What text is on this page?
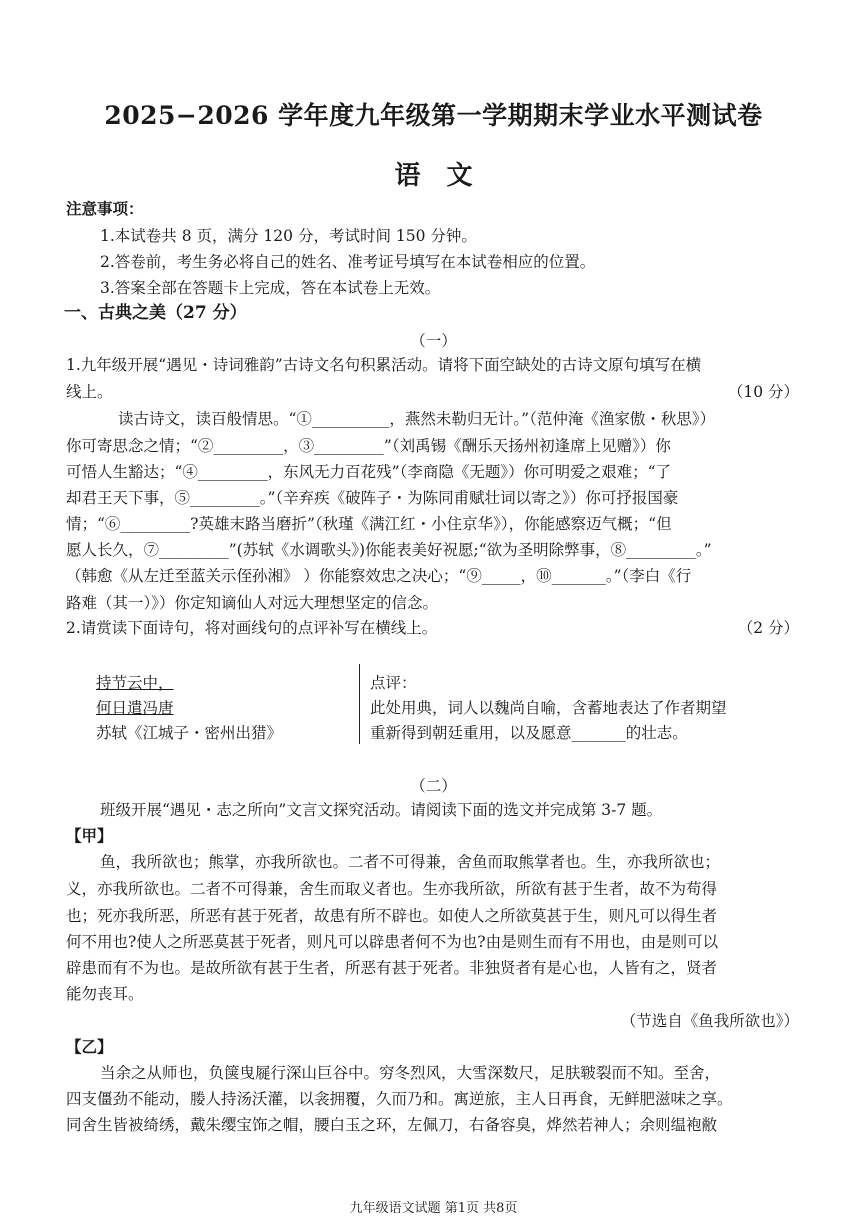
2025−2026 学年度九年级第一学期期末学业水平测试卷
语文
注意事项：
1.本试卷共 8 页，满分 120 分，考试时间 150 分钟。
2.答卷前，考生务必将自己的姓名、准考证号填写在本试卷相应的位置。
3.答案全部在答题卡上完成，答在本试卷上无效。
一、古典之美（27 分）
（一）
1.九年级开展“遇见・诗词雅韵”古诗文名句积累活动。请将下面空缺处的古诗文原句填写在横
线上。	（10 分）
读古诗文，读百般情思。“①__________，燕然未勒归无计。”（范仲淹《渔家傲・秋思》）
你可寄思念之情；“②_________，③_________”（刘禹锡《酬乐天扬州初逢席上见赠》）你
可悟人生豁达；“④_________，东风无力百花残”（李商隐《无题》）你可明爱之艰难；“了
却君王天下事，⑤_________。”（辛弃疾《破阵子・为陈同甫赋壮词以寄之》）你可抒报国豪
情；“⑥_________?英雄末路当磨折”（秋瑾《满江红・小住京华》），你能感察迈气概；“但
愿人长久，⑦_________”(苏轼《水调歌头》)你能表美好祝愿;“欲为圣明除弊事，⑧_________。”
（韩愈《从左迁至蓝关示侄孙湘》 ）你能察效忠之决心；“⑨_____，⑩_______。”（李白《行
路难（其一）》）你定知谪仙人对远大理想坚定的信念。
2.请赏读下面诗句，将对画线句的点评补写在横线上。	（2 分）
持节云中，
何日遣冯唐
苏轼《江城子・密州出猎》
点评：
此处用典，词人以魏尚自喻，含蓄地表达了作者期望
重新得到朝廷重用，以及愿意_______的壮志。
（二）
班级开展“遇见・志之所向”文言文探究活动。请阅读下面的选文并完成第 3-7 题。
【甲】
鱼，我所欲也；熊掌，亦我所欲也。二者不可得兼，舍鱼而取熊掌者也。生，亦我所欲也；
义，亦我所欲也。二者不可得兼，舍生而取义者也。生亦我所欲，所欲有甚于生者，故不为苟得
也；死亦我所恶，所恶有甚于死者，故患有所不辟也。如使人之所欲莫甚于生，则凡可以得生者
何不用也?使人之所恶莫甚于死者，则凡可以辟患者何不为也?由是则生而有不用也，由是则可以
辟患而有不为也。是故所欲有甚于生者，所恶有甚于死者。非独贤者有是心也，人皆有之，贤者
能勿丧耳。
（节选自《鱼我所欲也》）
【乙】
当余之从师也，负箧曳屣行深山巨谷中。穷冬烈风，大雪深数尺，足肤皲裂而不知。至舍，
四支僵劲不能动，媵人持汤沃灌，以衾拥覆，久而乃和。寓逆旅，主人日再食，无鲜肥滋味之享。
同舍生皆被绮绣，戴朱缨宝饰之帽，腰白玉之环，左佩刀，右备容臭，烨然若神人；余则缊袍敝
九年级语文试题 第1页 共8页
